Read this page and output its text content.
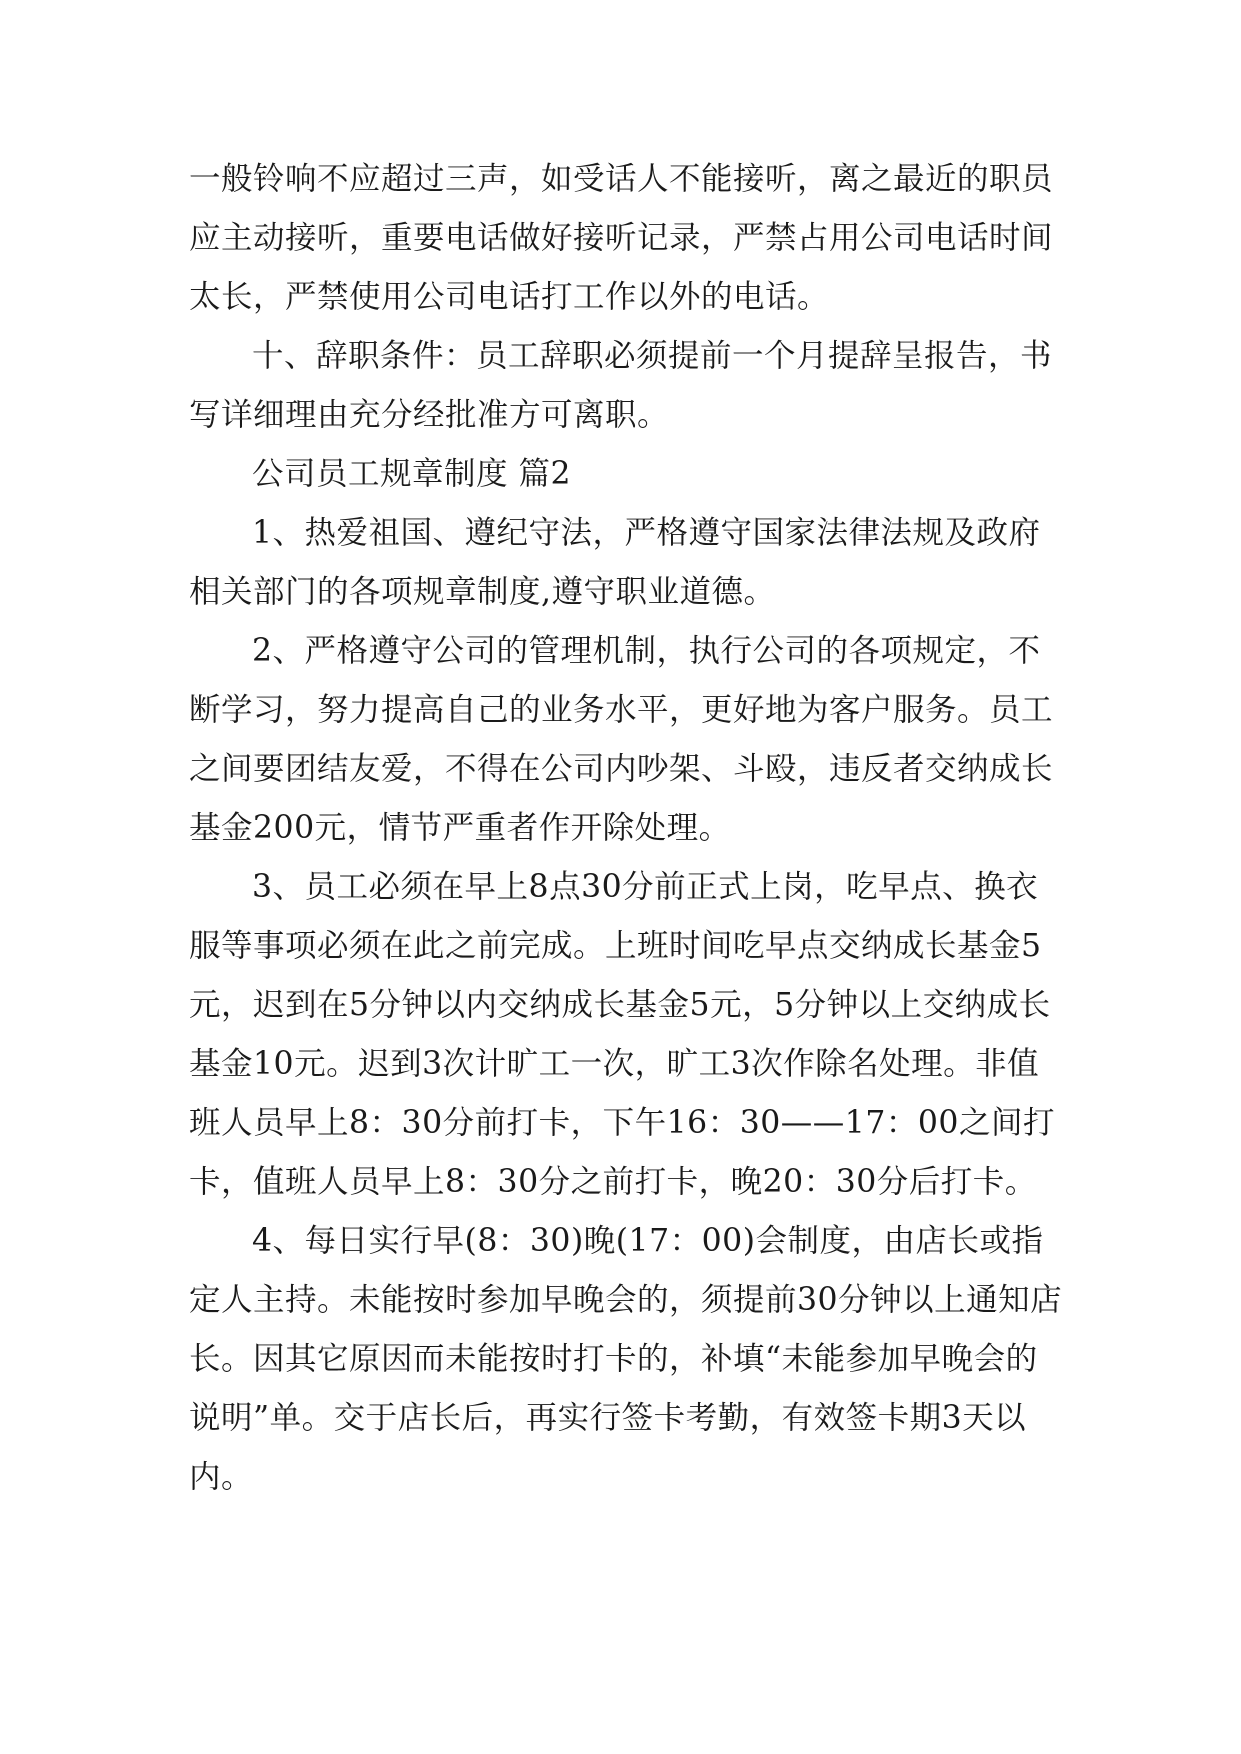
一般铃响不应超过三声，如受话人不能接听，离之最近的职员应主动接听，重要电话做好接听记录，严禁占用公司电话时间太长，严禁使用公司电话打工作以外的电话。

十、辞职条件：员工辞职必须提前一个月提辞呈报告，书写详细理由充分经批准方可离职。

公司员工规章制度 篇2

1、热爱祖国、遵纪守法，严格遵守国家法律法规及政府相关部门的各项规章制度,遵守职业道德。

2、严格遵守公司的管理机制，执行公司的各项规定，不断学习，努力提高自己的业务水平，更好地为客户服务。员工之间要团结友爱，不得在公司内吵架、斗殴，违反者交纳成长基金200元，情节严重者作开除处理。

3、员工必须在早上8点30分前正式上岗，吃早点、换衣服等事项必须在此之前完成。上班时间吃早点交纳成长基金5元，迟到在5分钟以内交纳成长基金5元，5分钟以上交纳成长基金10元。迟到3次计旷工一次，旷工3次作除名处理。非值班人员早上8：30分前打卡，下午16：30——17：00之间打卡，值班人员早上8：30分之前打卡，晚20：30分后打卡。

4、每日实行早(8：30)晚(17：00)会制度，由店长或指定人主持。未能按时参加早晚会的，须提前30分钟以上通知店长。因其它原因而未能按时打卡的，补填“未能参加早晚会的说明”单。交于店长后，再实行签卡考勤，有效签卡期3天以内。
